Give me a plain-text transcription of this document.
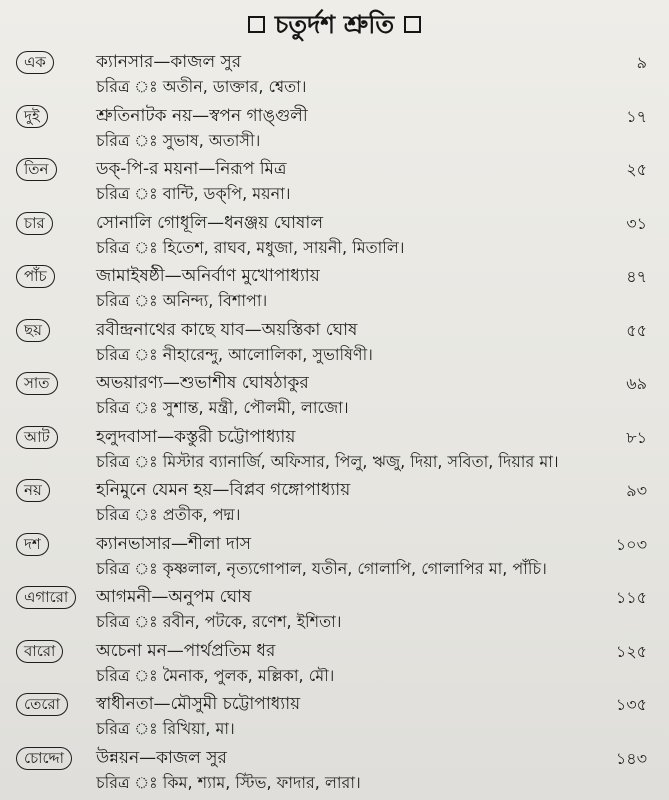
চতুর্দশ শ্রুতি
এক	ক্যানসার—কাজল সুর	৯
চরিত্র ঃ অতীন, ডাক্তার, শ্বেতা।
দুই	শ্রুতিনাটক নয়—স্বপন গাঙ্গুলী	১৭
চরিত্র ঃ সুভাষ, অতাসী।
তিন	ডক্-পি-র ময়না—নিরূপ মিত্র	২৫
চরিত্র ঃ বান্টি, ডক্‌পি, ময়না।
চার	সোনালি গোধূলি—ধনঞ্জয় ঘোষাল	৩১
চরিত্র ঃ হিতেশ, রাঘব, মধুজা, সায়নী, মিতালি।
পাঁচ	জামাইষষ্ঠী—অনির্বাণ মুখোপাধ্যায়	৪৭
চরিত্র ঃ অনিন্দ্য, বিশাপা।
ছয়	রবীন্দ্রনাথের কাছে যাব—অয়স্তিকা ঘোষ	৫৫
চরিত্র ঃ নীহারেন্দু, আলোলিকা, সুভাষিণী।
সাত	অভয়ারণ্য—শুভাশীষ ঘোষঠাকুর	৬৯
চরিত্র ঃ সুশান্ত, মন্ত্রী, পৌলমী, লাজো।
আট	হলুদবাসা—কস্তুরী চট্টোপাধ্যায়	৮১
চরিত্র ঃ মিস্টার ব্যানার্জি, অফিসার, পিলু, ঋজু, দিয়া, সবিতা, দিয়ার মা।
নয়	হনিমুনে যেমন হয়—বিপ্লব গঙ্গোপাধ্যায়	৯৩
চরিত্র ঃ প্রতীক, পদ্ম।
দশ	ক্যানভাসার—শীলা দাস	১০৩
চরিত্র ঃ কৃষ্ণলাল, নৃত্যগোপাল, যতীন, গোলাপি, গোলাপির মা, পাঁচি।
এগারো	আগমনী—অনুপম ঘোষ	১১৫
চরিত্র ঃ রবীন, পটকে, রণেশ, ইশিতা।
বারো	অচেনা মন—পার্থপ্রতিম ধর	১২৫
চরিত্র ঃ মৈনাক, পুলক, মল্লিকা, মৌ।
তেরো	স্বাধীনতা—মৌসুমী চট্টোপাধ্যায়	১৩৫
চরিত্র ঃ রিখিয়া, মা।
চোদ্দো	উন্নয়ন—কাজল সুর	১৪৩
চরিত্র ঃ কিম, শ্যাম, স্টিভ, ফাদার, লারা।
